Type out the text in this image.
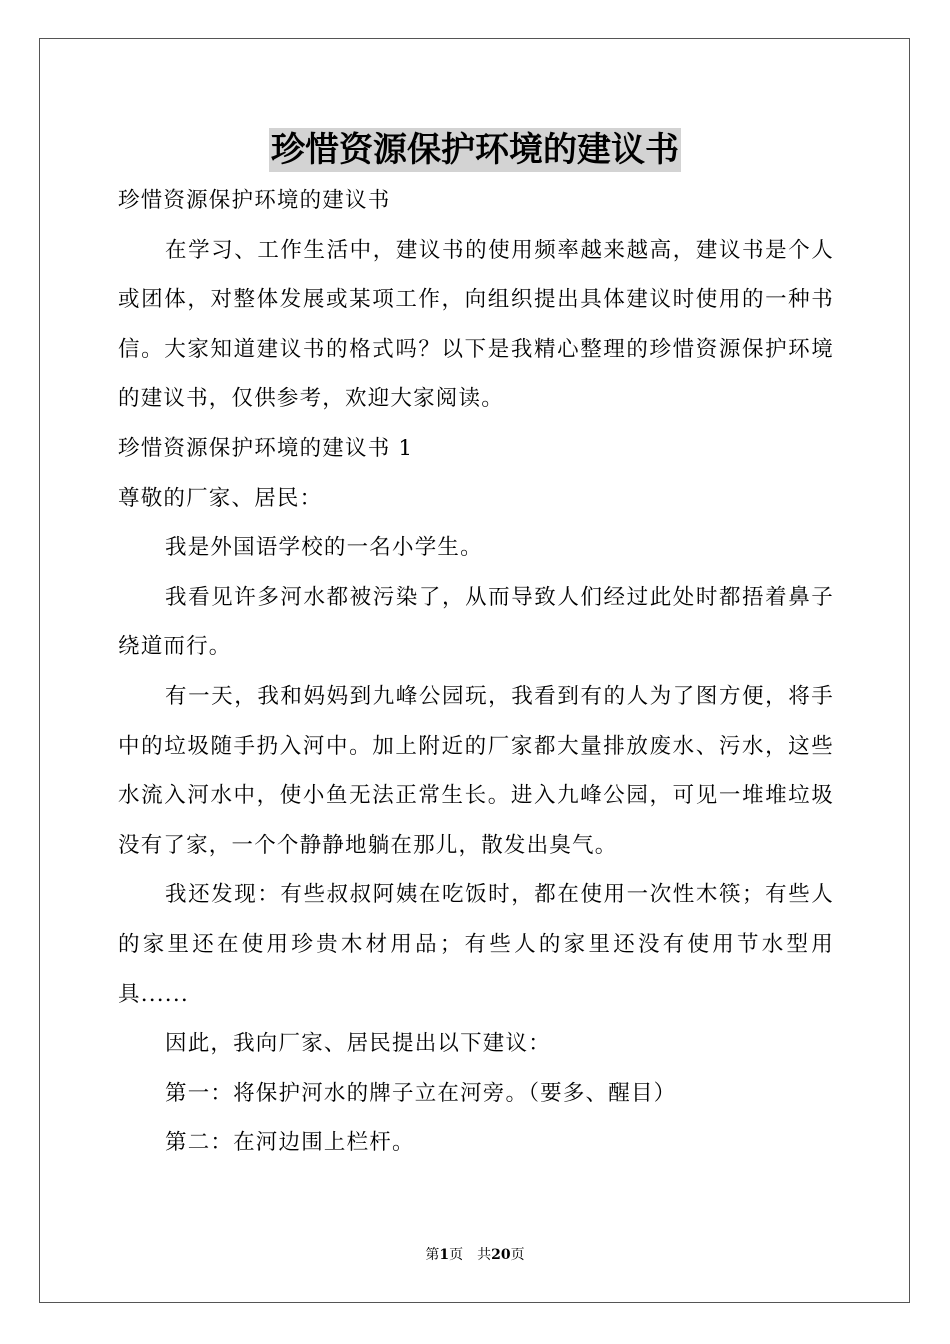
珍惜资源保护环境的建议书

珍惜资源保护环境的建议书

在学习、工作生活中，建议书的使用频率越来越高，建议书是个人或团体，对整体发展或某项工作，向组织提出具体建议时使用的一种书信。大家知道建议书的格式吗？以下是我精心整理的珍惜资源保护环境的建议书，仅供参考，欢迎大家阅读。

珍惜资源保护环境的建议书 1

尊敬的厂家、居民：

我是外国语学校的一名小学生。

我看见许多河水都被污染了，从而导致人们经过此处时都捂着鼻子绕道而行。

有一天，我和妈妈到九峰公园玩，我看到有的人为了图方便，将手中的垃圾随手扔入河中。加上附近的厂家都大量排放废水、污水，这些水流入河水中，使小鱼无法正常生长。进入九峰公园，可见一堆堆垃圾没有了家，一个个静静地躺在那儿，散发出臭气。

我还发现：有些叔叔阿姨在吃饭时，都在使用一次性木筷；有些人的家里还在使用珍贵木材用品；有些人的家里还没有使用节水型用具......

因此，我向厂家、居民提出以下建议：

第一：将保护河水的牌子立在河旁。（要多、醒目）

第二：在河边围上栏杆。

第1页　共20页
